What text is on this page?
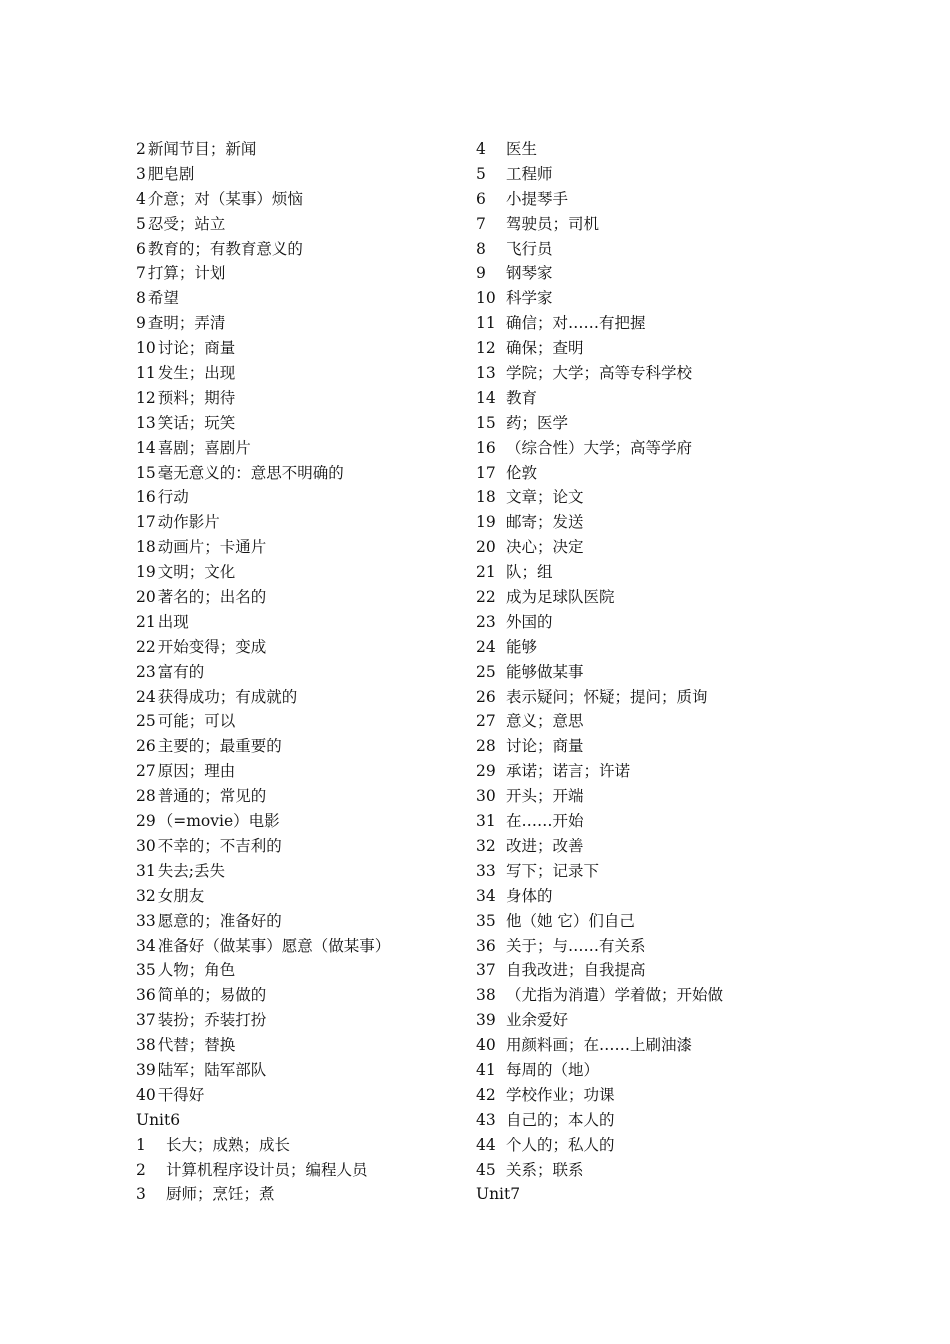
2 新闻节目；新闻
3 肥皂剧
4 介意；对（某事）烦恼
5 忍受；站立
6 教育的；有教育意义的
7 打算；计划
8 希望
9 查明；弄清
10 讨论；商量
11 发生；出现
12 预料；期待
13 笑话；玩笑
14 喜剧；喜剧片
15 毫无意义的：意思不明确的
16 行动
17 动作影片
18 动画片；卡通片
19 文明；文化
20 著名的；出名的
21 出现
22 开始变得；变成
23 富有的
24 获得成功；有成就的
25 可能；可以
26 主要的；最重要的
27 原因；理由
28 普通的；常见的
29 （=movie）电影
30 不幸的；不吉利的
31 失去;丢失
32 女朋友
33 愿意的；准备好的
34 准备好（做某事）愿意（做某事）
35 人物；角色
36 简单的；易做的
37 装扮；乔装打扮
38 代替；替换
39 陆军；陆军部队
40 干得好
Unit6
1 长大；成熟；成长
2 计算机程序设计员；编程人员
3 厨师；烹饪；煮
4 医生
5 工程师
6 小提琴手
7 驾驶员；司机
8 飞行员
9 钢琴家
10 科学家
11 确信；对……有把握
12 确保；查明
13 学院；大学；高等专科学校
14 教育
15 药；医学
16 （综合性）大学；高等学府
17 伦敦
18 文章；论文
19 邮寄；发送
20 决心；决定
21 队；组
22 成为足球队医院
23 外国的
24 能够
25 能够做某事
26 表示疑问；怀疑；提问；质询
27 意义；意思
28 讨论；商量
29 承诺；诺言；许诺
30 开头；开端
31 在……开始
32 改进；改善
33 写下；记录下
34 身体的
35 他（她 它）们自己
36 关于；与……有关系
37 自我改进；自我提高
38 （尤指为消遣）学着做；开始做
39 业余爱好
40 用颜料画；在……上刷油漆
41 每周的（地）
42 学校作业；功课
43 自己的；本人的
44 个人的；私人的
45 关系；联系
Unit7
